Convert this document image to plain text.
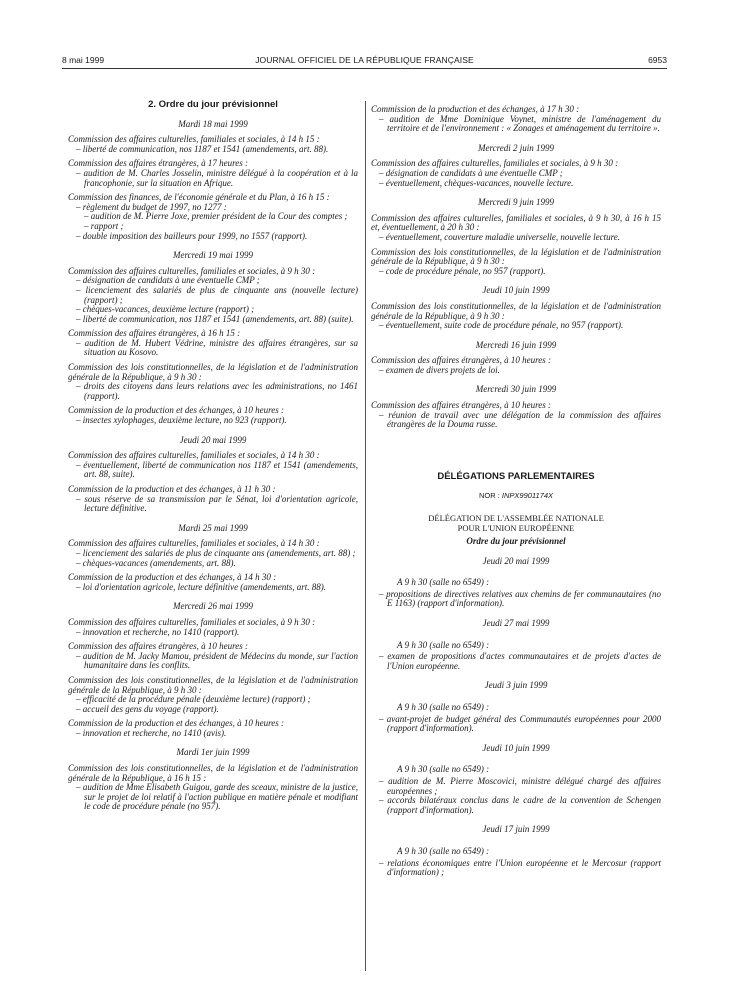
8 mai 1999	JOURNAL OFFICIEL DE LA RÉPUBLIQUE FRANÇAISE	6953
2. Ordre du jour prévisionnel
Mardi 18 mai 1999
Commission des affaires culturelles, familiales et sociales, à 14 h 15 :
– liberté de communication, nos 1187 et 1541 (amendements, art. 88).
Commission des affaires étrangères, à 17 heures :
– audition de M. Charles Josselin, ministre délégué à la coopération et à la francophonie, sur la situation en Afrique.
Commission des finances, de l'économie générale et du Plan, à 16 h 15 :
– règlement du budget de 1997, no 1277 :
– audition de M. Pierre Joxe, premier président de la Cour des comptes ;
– rapport ;
– double imposition des bailleurs pour 1999, no 1557 (rapport).
Mercredi 19 mai 1999
Commission des affaires culturelles, familiales et sociales, à 9 h 30 :
– désignation de candidats à une éventuelle CMP ;
– licenciement des salariés de plus de cinquante ans (nouvelle lecture) (rapport) ;
– chèques-vacances, deuxième lecture (rapport) ;
– liberté de communication, nos 1187 et 1541 (amendements, art. 88) (suite).
Commission des affaires étrangères, à 16 h 15 :
– audition de M. Hubert Védrine, ministre des affaires étrangères, sur sa situation au Kosovo.
Commission des lois constitutionnelles, de la législation et de l'administration générale de la République, à 9 h 30 :
– droits des citoyens dans leurs relations avec les administrations, no 1461 (rapport).
Commission de la production et des échanges, à 10 heures :
– insectes xylophages, deuxième lecture, no 923 (rapport).
Jeudi 20 mai 1999
Commission des affaires culturelles, familiales et sociales, à 14 h 30 :
– éventuellement, liberté de communication nos 1187 et 1541 (amendements, art. 88, suite).
Commission de la production et des échanges, à 11 h 30 :
– sous réserve de sa transmission par le Sénat, loi d'orientation agricole, lecture définitive.
Mardi 25 mai 1999
Commission des affaires culturelles, familiales et sociales, à 14 h 30 :
– licenciement des salariés de plus de cinquante ans (amendements, art. 88) ;
– chèques-vacances (amendements, art. 88).
Commission de la production et des échanges, à 14 h 30 :
– loi d'orientation agricole, lecture définitive (amendements, art. 88).
Mercredi 26 mai 1999
Commission des affaires culturelles, familiales et sociales, à 9 h 30 :
– innovation et recherche, no 1410 (rapport).
Commission des affaires étrangères, à 10 heures :
– audition de M. Jacky Mamou, président de Médecins du monde, sur l'action humanitaire dans les conflits.
Commission des lois constitutionnelles, de la législation et de l'administration générale de la République, à 9 h 30 :
– efficacité de la procédure pénale (deuxième lecture) (rapport) ;
– accueil des gens du voyage (rapport).
Commission de la production et des échanges, à 10 heures :
– innovation et recherche, no 1410 (avis).
Mardi 1er juin 1999
Commission des lois constitutionnelles, de la législation et de l'administration générale de la République, à 16 h 15 :
– audition de Mme Elisabeth Guigou, garde des sceaux, ministre de la justice, sur le projet de loi relatif à l'action publique en matière pénale et modifiant le code de procédure pénale (no 957).
Commission de la production et des échanges, à 17 h 30 :
– audition de Mme Dominique Voynet, ministre de l'aménagement du territoire et de l'environnement : « Zonages et aménagement du territoire ».
Mercredi 2 juin 1999
Commission des affaires culturelles, familiales et sociales, à 9 h 30 :
– désignation de candidats à une éventuelle CMP ;
– éventuellement, chèques-vacances, nouvelle lecture.
Mercredi 9 juin 1999
Commission des affaires culturelles, familiales et sociales, à 9 h 30, à 16 h 15 et, éventuellement, à 20 h 30 :
– éventuellement, couverture maladie universelle, nouvelle lecture.
Commission des lois constitutionnelles, de la législation et de l'administration générale de la République, à 9 h 30 :
– code de procédure pénale, no 957 (rapport).
Jeudi 10 juin 1999
Commission des lois constitutionnelles, de la législation et de l'administration générale de la République, à 9 h 30 :
– éventuellement, suite code de procédure pénale, no 957 (rapport).
Mercredi 16 juin 1999
Commission des affaires étrangères, à 10 heures :
– examen de divers projets de loi.
Mercredi 30 juin 1999
Commission des affaires étrangères, à 10 heures :
– réunion de travail avec une délégation de la commission des affaires étrangères de la Douma russe.
DÉLÉGATIONS PARLEMENTAIRES
NOR : INPX9901174X
DÉLÉGATION DE L'ASSEMBLÉE NATIONALE
POUR L'UNION EUROPÉENNE
Ordre du jour prévisionnel
Jeudi 20 mai 1999
A 9 h 30 (salle no 6549) :
– propositions de directives relatives aux chemins de fer communautaires (no E 1163) (rapport d'information).
Jeudi 27 mai 1999
A 9 h 30 (salle no 6549) :
– examen de propositions d'actes communautaires et de projets d'actes de l'Union européenne.
Jeudi 3 juin 1999
A 9 h 30 (salle no 6549) :
– avant-projet de budget général des Communautés européennes pour 2000 (rapport d'information).
Jeudi 10 juin 1999
A 9 h 30 (salle no 6549) :
– audition de M. Pierre Moscovici, ministre délégué chargé des affaires européennes ;
– accords bilatéraux conclus dans le cadre de la convention de Schengen (rapport d'information).
Jeudi 17 juin 1999
A 9 h 30 (salle no 6549) :
– relations économiques entre l'Union européenne et le Mercosur (rapport d'information) ;
